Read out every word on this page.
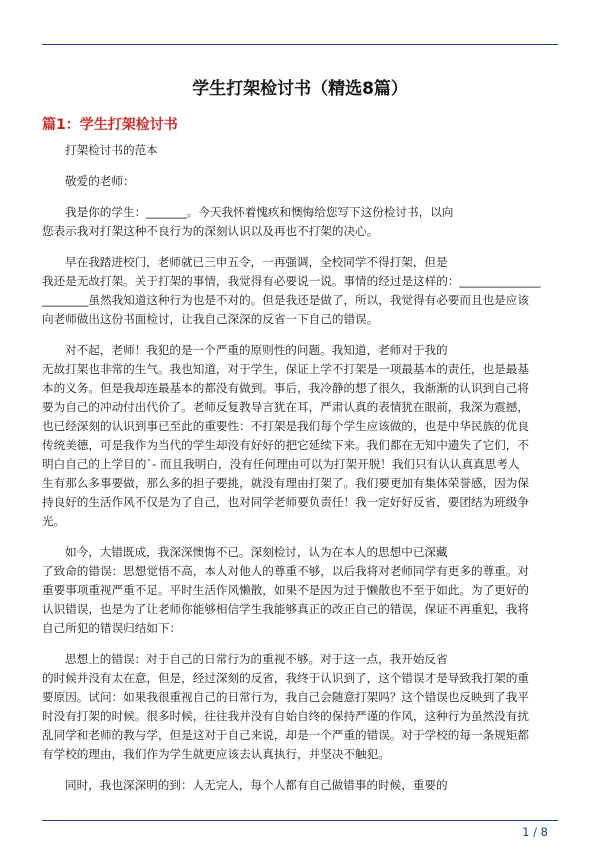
学生打架检讨书（精选8篇）
篇1：学生打架检讨书
打架检讨书的范本
敬爱的老师：
我是你的学生：_______。今天我怀着愧疚和懊悔给您写下这份检讨书，以向
您表示我对打架这种不良行为的深刻认识以及再也不打架的决心。
早在我踏进校门，老师就已三申五令，一再强调，全校同学不得打架，但是
我还是无故打架。关于打架的事情，我觉得有必要说一说。事情的经过是这样的：______________
________虽然我知道这种行为也是不对的。但是我还是做了，所以，我觉得有必要而且也是应该
向老师做出这份书面检讨，让我自己深深的反省一下自己的错误。
对不起，老师！我犯的是一个严重的原则性的问题。我知道，老师对于我的
无故打架也非常的生气。我也知道，对于学生，保证上学不打架是一项最基本的责任，也是最基
本的义务。但是我却连最基本的都没有做到。事后，我冷静的想了很久，我渐渐的认识到自己将
要为自己的冲动付出代价了。老师反复教导言犹在耳，严肃认真的表情犹在眼前，我深为震撼，
也已经深刻的认识到事已至此的重要性：不打架是我们每个学生应该做的，也是中华民族的优良
传统美德，可是我作为当代的学生却没有好好的把它延续下来。我们都在无知中遗失了它们，不
明白自己的上学目的`- 而且我明白，没有任何理由可以为打架开脱！我们只有认认真真思考人
生有那么多事要做，那么多的担子要挑，就没有理由打架了。我们要更加有集体荣誉感，因为保
持良好的生活作风不仅是为了自己，也对同学老师要负责任！我一定好好反省，要团结为班级争
光。
如今，大错既成，我深深懊悔不已。深刻检讨，认为在本人的思想中已深藏
了致命的错误：思想觉悟不高，本人对他人的尊重不够，以后我将对老师同学有更多的尊重。对
重要事项重视严重不足。平时生活作风懒散，如果不是因为过于懒散也不至于如此。为了更好的
认识错误，也是为了让老师你能够相信学生我能够真正的改正自己的错误，保证不再重犯，我将
自己所犯的错误归结如下：
思想上的错误：对于自己的日常行为的重视不够。对于这一点，我开始反省
的时候并没有太在意，但是，经过深刻的反省，我终于认识到了，这个错误才是导致我打架的重
要原因。试问：如果我很重视自己的日常行为，我自己会随意打架吗？这个错误也反映到了我平
时没有打架的时候。很多时候，往往我并没有自始自终的保持严谨的作风，这种行为虽然没有扰
乱同学和老师的教与学，但是这对于自己来说，却是一个严重的错误。对于学校的每一条规矩都
有学校的理由，我们作为学生就更应该去认真执行，并坚决不触犯。
同时，我也深深明的到：人无完人，每个人都有自己做错事的时候，重要的
1 / 8
